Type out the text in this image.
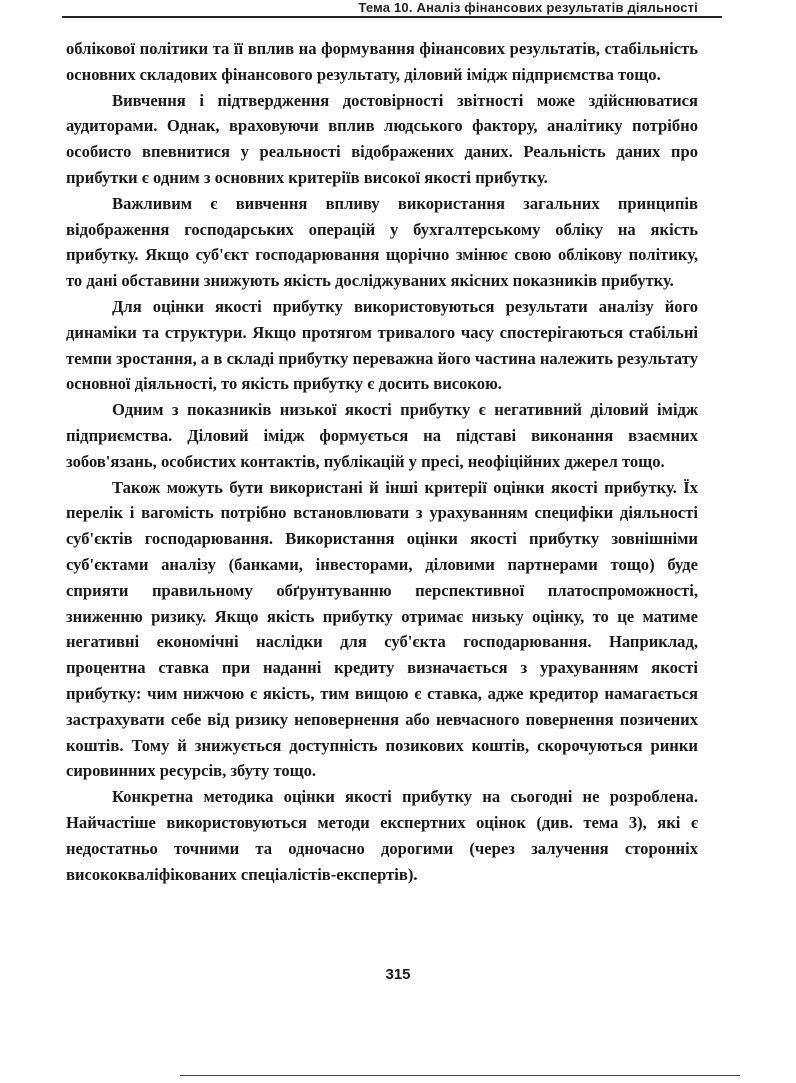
Тема 10. Аналіз фінансових результатів діяльності

облікової політики та її вплив на формування фінансових результатів, стабільність основних складових фінансового результату, діловий імідж підприємства тощо.

Вивчення і підтвердження достовірності звітності може здійснюватися аудиторами. Однак, враховуючи вплив людського фактору, аналітику потрібно особисто впевнитися у реальності відображених даних. Реальність даних про прибутки є одним з основних критеріїв високої якості прибутку.

Важливим є вивчення впливу використання загальних принципів відображення господарських операцій у бухгалтерському обліку на якість прибутку. Якщо суб'єкт господарювання щорічно змінює свою облікову політику, то дані обставини знижують якість досліджуваних якісних показників прибутку.

Для оцінки якості прибутку використовуються результати аналізу його динаміки та структури. Якщо протягом тривалого часу спостерігаються стабільні темпи зростання, а в складі прибутку переважна його частина належить результату основної діяльності, то якість прибутку є досить високою.

Одним з показників низької якості прибутку є негативний діловий імідж підприємства. Діловий імідж формується на підставі виконання взаємних зобов'язань, особистих контактів, публікацій у пресі, неофіційних джерел тощо.

Також можуть бути використані й інші критерії оцінки якості прибутку. Їх перелік і вагомість потрібно встановлювати з урахуванням специфіки діяльності суб'єктів господарювання. Використання оцінки якості прибутку зовнішніми суб'єктами аналізу (банками, інвесторами, діловими партнерами тощо) буде сприяти правильному обґрунтуванню перспективної платоспроможності, зниженню ризику. Якщо якість прибутку отримає низьку оцінку, то це матиме негативні економічні наслідки для суб'єкта господарювання. Наприклад, процентна ставка при наданні кредиту визначається з урахуванням якості прибутку: чим нижчою є якість, тим вищою є ставка, адже кредитор намагається застрахувати себе від ризику неповернення або невчасного повернення позичених коштів. Тому й знижується доступність позикових коштів, скорочуються ринки сировинних ресурсів, збуту тощо.

Конкретна методика оцінки якості прибутку на сьогодні не розроблена. Найчастіше використовуються методи експертних оцінок (див. тема 3), які є недостатньо точними та одночасно дорогими (через залучення сторонніх висококваліфікованих спеціалістів-експертів).

315
